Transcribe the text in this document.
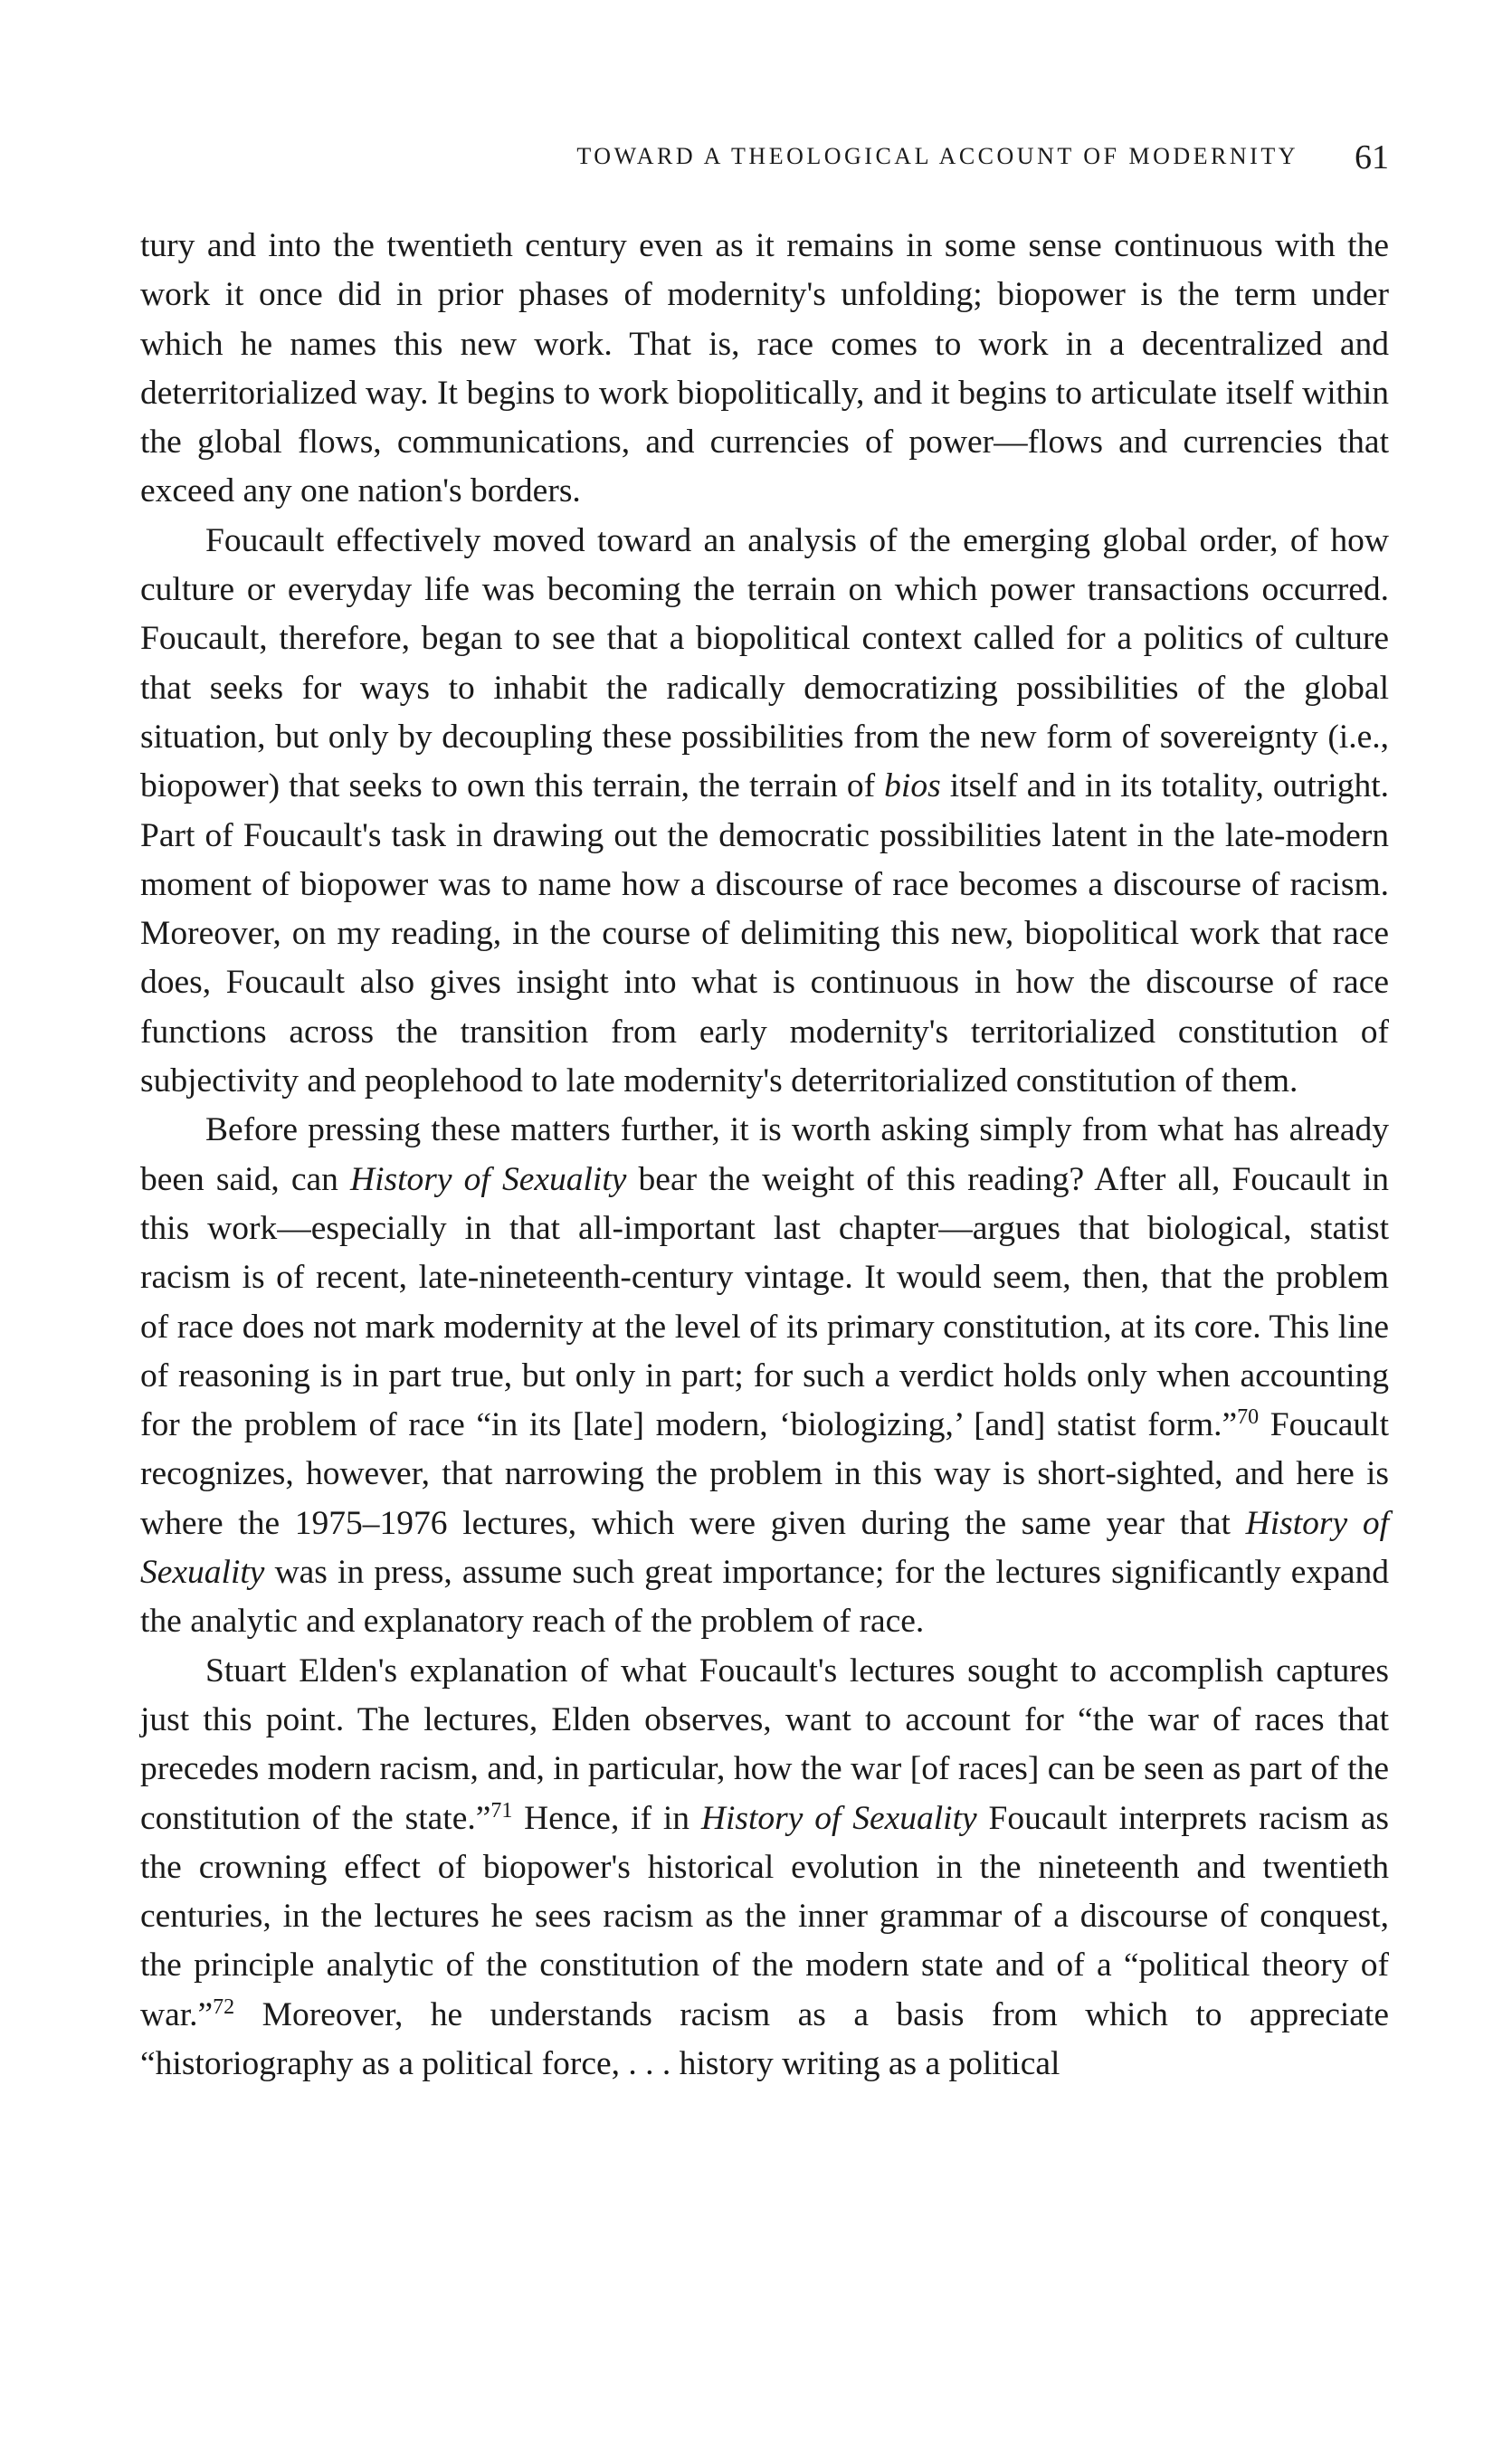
TOWARD A THEOLOGICAL ACCOUNT OF MODERNITY 61

tury and into the twentieth century even as it remains in some sense continuous with the work it once did in prior phases of modernity's unfolding; biopower is the term under which he names this new work. That is, race comes to work in a decentralized and deterritorialized way. It begins to work biopolitically, and it begins to articulate itself within the global flows, communications, and currencies of power—flows and currencies that exceed any one nation's borders.

Foucault effectively moved toward an analysis of the emerging global order, of how culture or everyday life was becoming the terrain on which power transactions occurred. Foucault, therefore, began to see that a biopolitical context called for a politics of culture that seeks for ways to inhabit the radically democratizing possibilities of the global situation, but only by decoupling these possibilities from the new form of sovereignty (i.e., biopower) that seeks to own this terrain, the terrain of bios itself and in its totality, outright. Part of Foucault's task in drawing out the democratic possibilities latent in the late-modern moment of biopower was to name how a discourse of race becomes a discourse of racism. Moreover, on my reading, in the course of delimiting this new, biopolitical work that race does, Foucault also gives insight into what is continuous in how the discourse of race functions across the transition from early modernity's territorialized constitution of subjectivity and peoplehood to late modernity's deterritorialized constitution of them.

Before pressing these matters further, it is worth asking simply from what has already been said, can History of Sexuality bear the weight of this reading? After all, Foucault in this work—especially in that all-important last chapter—argues that biological, statist racism is of recent, late-nineteenth-century vintage. It would seem, then, that the problem of race does not mark modernity at the level of its primary constitution, at its core. This line of reasoning is in part true, but only in part; for such a verdict holds only when accounting for the problem of race “in its [late] modern, ‘biologizing,’ [and] statist form.”$^{70}$ Foucault recognizes, however, that narrowing the problem in this way is short-sighted, and here is where the 1975–1976 lectures, which were given during the same year that History of Sexuality was in press, assume such great importance; for the lectures significantly expand the analytic and explanatory reach of the problem of race.

Stuart Elden's explanation of what Foucault's lectures sought to accomplish captures just this point. The lectures, Elden observes, want to account for “the war of races that precedes modern racism, and, in particular, how the war [of races] can be seen as part of the constitution of the state.”$^{71}$ Hence, if in History of Sexuality Foucault interprets racism as the crowning effect of biopower's historical evolution in the nineteenth and twentieth centuries, in the lectures he sees racism as the inner grammar of a discourse of conquest, the principle analytic of the constitution of the modern state and of a “political theory of war.”$^{72}$ Moreover, he understands racism as a basis from which to appreciate “historiography as a political force, . . . history writing as a political
